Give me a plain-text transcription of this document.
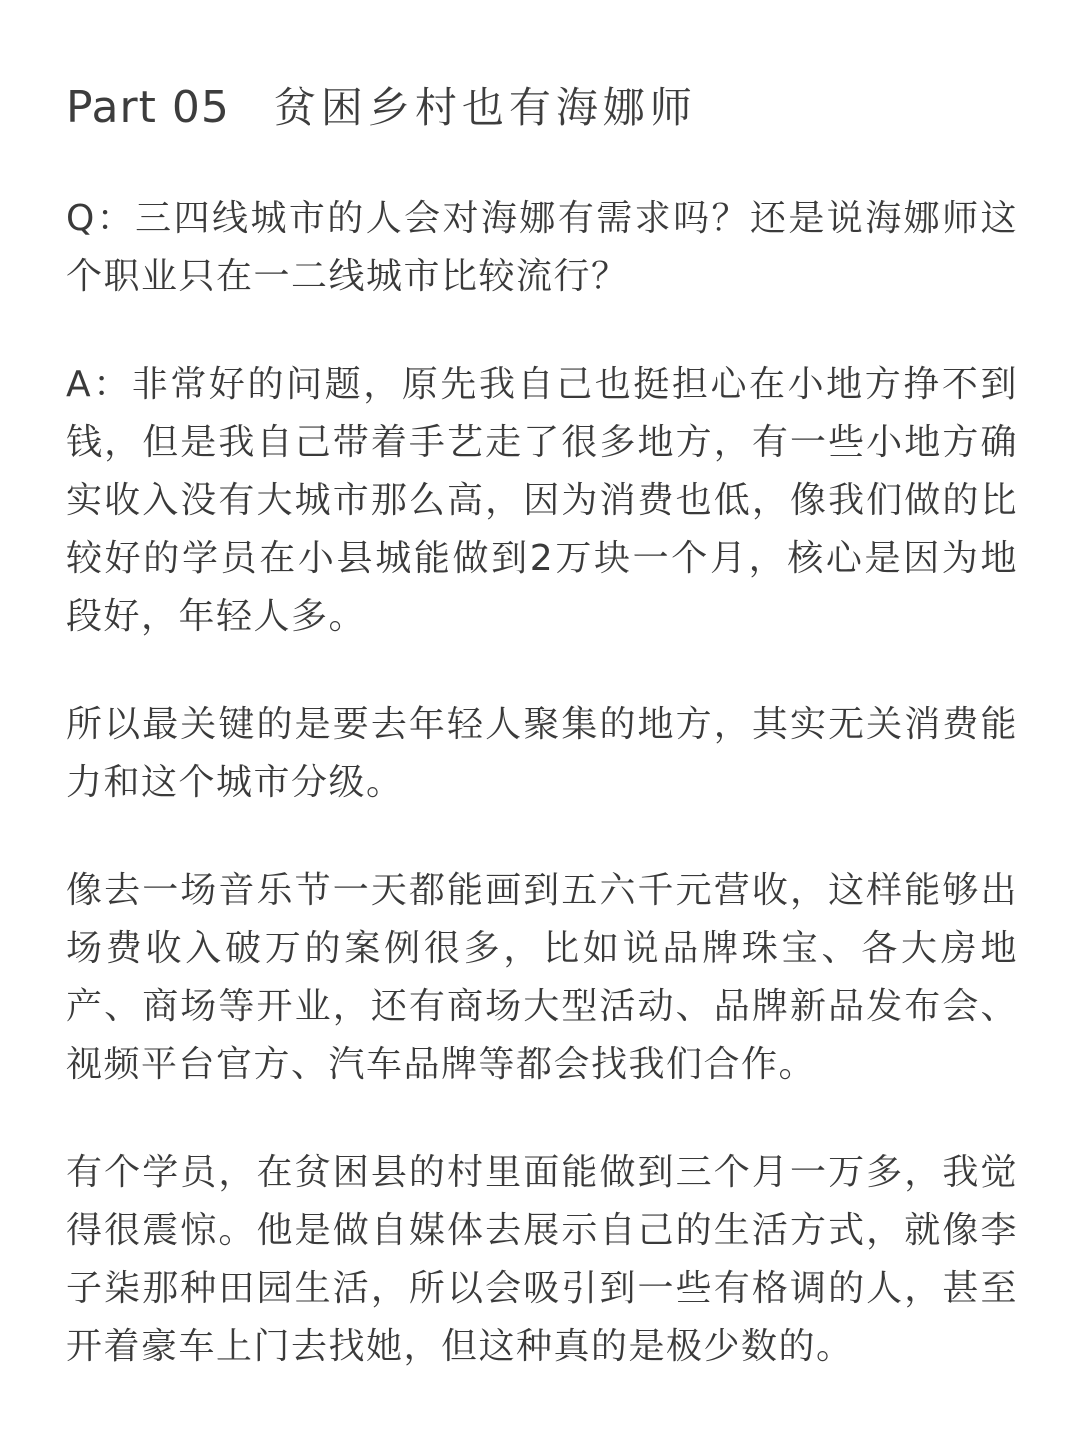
Part 05 贫困乡村也有海娜师

Q：三四线城市的人会对海娜有需求吗？还是说海娜师这个职业只在一二线城市比较流行？

A：非常好的问题，原先我自己也挺担心在小地方挣不到钱，但是我自己带着手艺走了很多地方，有一些小地方确实收入没有大城市那么高，因为消费也低，像我们做的比较好的学员在小县城能做到2万块一个月，核心是因为地段好，年轻人多。

所以最关键的是要去年轻人聚集的地方，其实无关消费能力和这个城市分级。

像去一场音乐节一天都能画到五六千元营收，这样能够出场费收入破万的案例很多，比如说品牌珠宝、各大房地产、商场等开业，还有商场大型活动、品牌新品发布会、视频平台官方、汽车品牌等都会找我们合作。

有个学员，在贫困县的村里面能做到三个月一万多，我觉得很震惊。他是做自媒体去展示自己的生活方式，就像李子柒那种田园生活，所以会吸引到一些有格调的人，甚至开着豪车上门去找她，但这种真的是极少数的。
